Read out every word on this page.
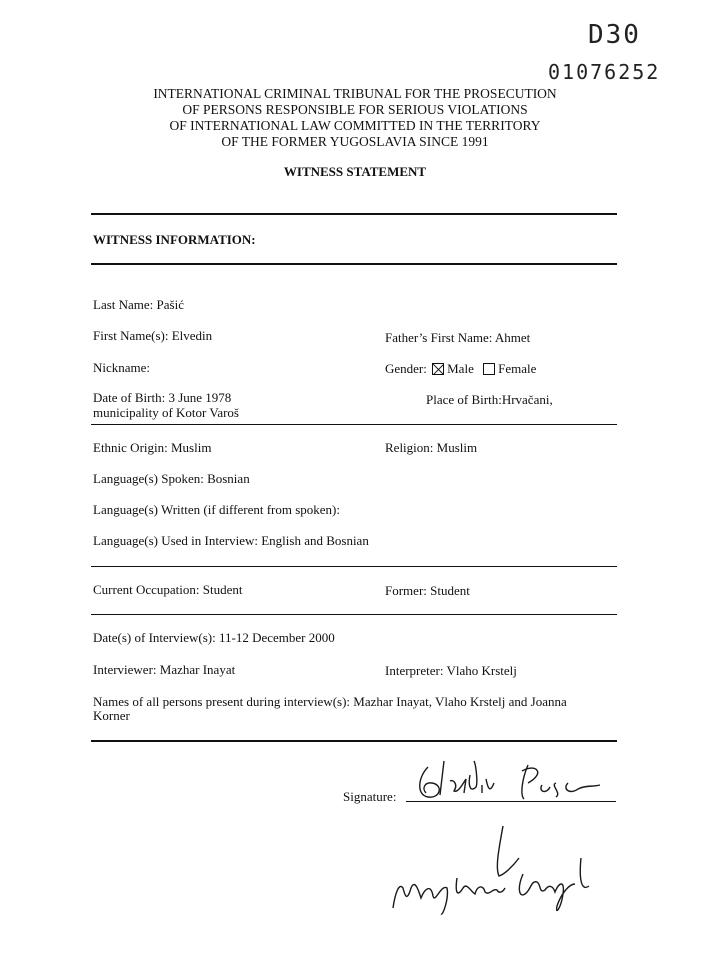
D30
01076252
INTERNATIONAL CRIMINAL TRIBUNAL FOR THE PROSECUTION
OF PERSONS RESPONSIBLE FOR SERIOUS VIOLATIONS
OF INTERNATIONAL LAW COMMITTED IN THE TERRITORY
OF THE FORMER YUGOSLAVIA SINCE 1991
WITNESS STATEMENT
WITNESS INFORMATION:
Last Name: Pašić
First Name(s): Elvedin	Father’s First Name: Ahmet
Nickname:	Gender: Male Female
Date of Birth: 3 June 1978	Place of Birth:Hrvačani,
municipality of Kotor Varoš
Ethnic Origin: Muslim	Religion: Muslim
Language(s) Spoken: Bosnian
Language(s) Written (if different from spoken):
Language(s) Used in Interview: English and Bosnian
Current Occupation: Student	Former: Student
Date(s) of Interview(s): 11-12 December 2000
Interviewer: Mazhar Inayat	Interpreter: Vlaho Krstelj
Names of all persons present during interview(s): Mazhar Inayat, Vlaho Krstelj and Joanna
Korner
Signature:
